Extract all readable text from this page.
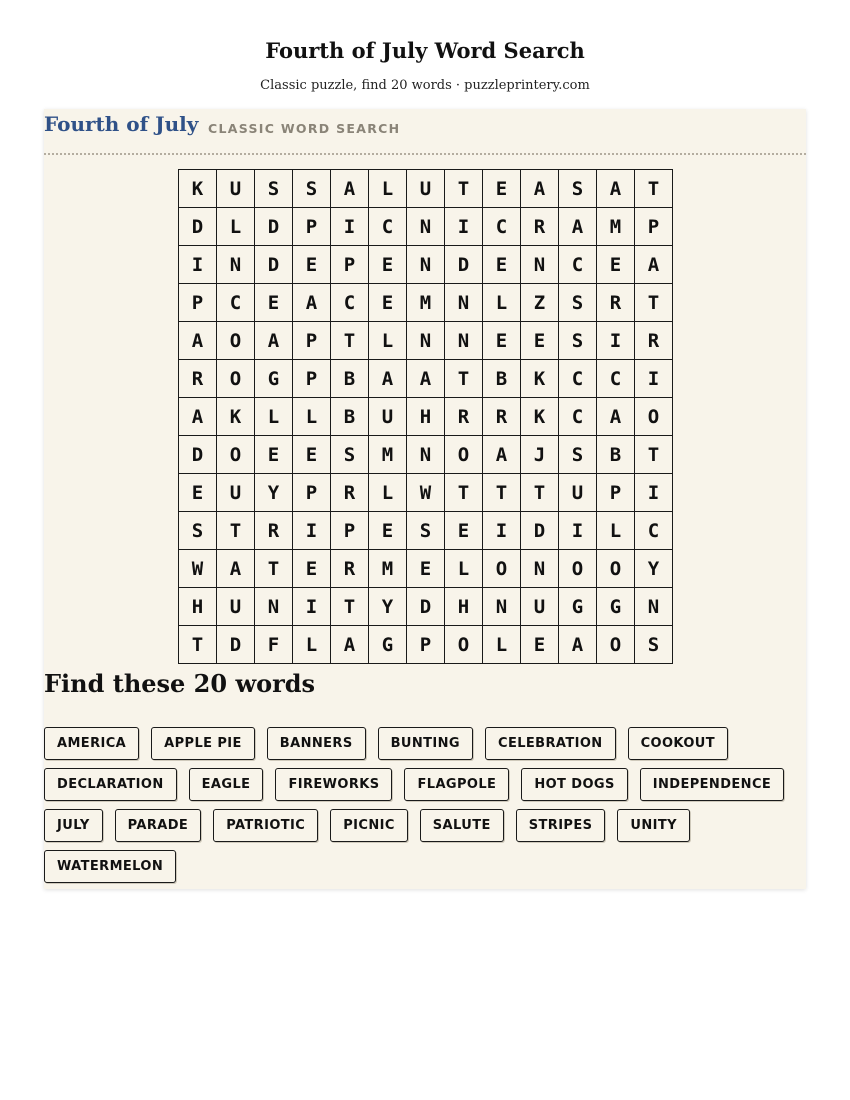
Fourth of July Word Search
Classic puzzle, find 20 words · puzzleprintery.com
Fourth of July CLASSIC WORD SEARCH
K	U	S	S	A	L	U	T	E	A	S	A	T
D	L	D	P	I	C	N	I	C	R	A	M	P
I	N	D	E	P	E	N	D	E	N	C	E	A
P	C	E	A	C	E	M	N	L	Z	S	R	T
A	O	A	P	T	L	N	N	E	E	S	I	R
R	O	G	P	B	A	A	T	B	K	C	C	I
A	K	L	L	B	U	H	R	R	K	C	A	O
D	O	E	E	S	M	N	O	A	J	S	B	T
E	U	Y	P	R	L	W	T	T	T	U	P	I
S	T	R	I	P	E	S	E	I	D	I	L	C
W	A	T	E	R	M	E	L	O	N	O	O	Y
H	U	N	I	T	Y	D	H	N	U	G	G	N
T	D	F	L	A	G	P	O	L	E	A	O	S
Find these 20 words
AMERICA	APPLE PIE	BANNERS	BUNTING	CELEBRATION	COOKOUT
DECLARATION	EAGLE	FIREWORKS	FLAGPOLE	HOT DOGS	INDEPENDENCE
JULY	PARADE	PATRIOTIC	PICNIC	SALUTE	STRIPES	UNITY
WATERMELON
